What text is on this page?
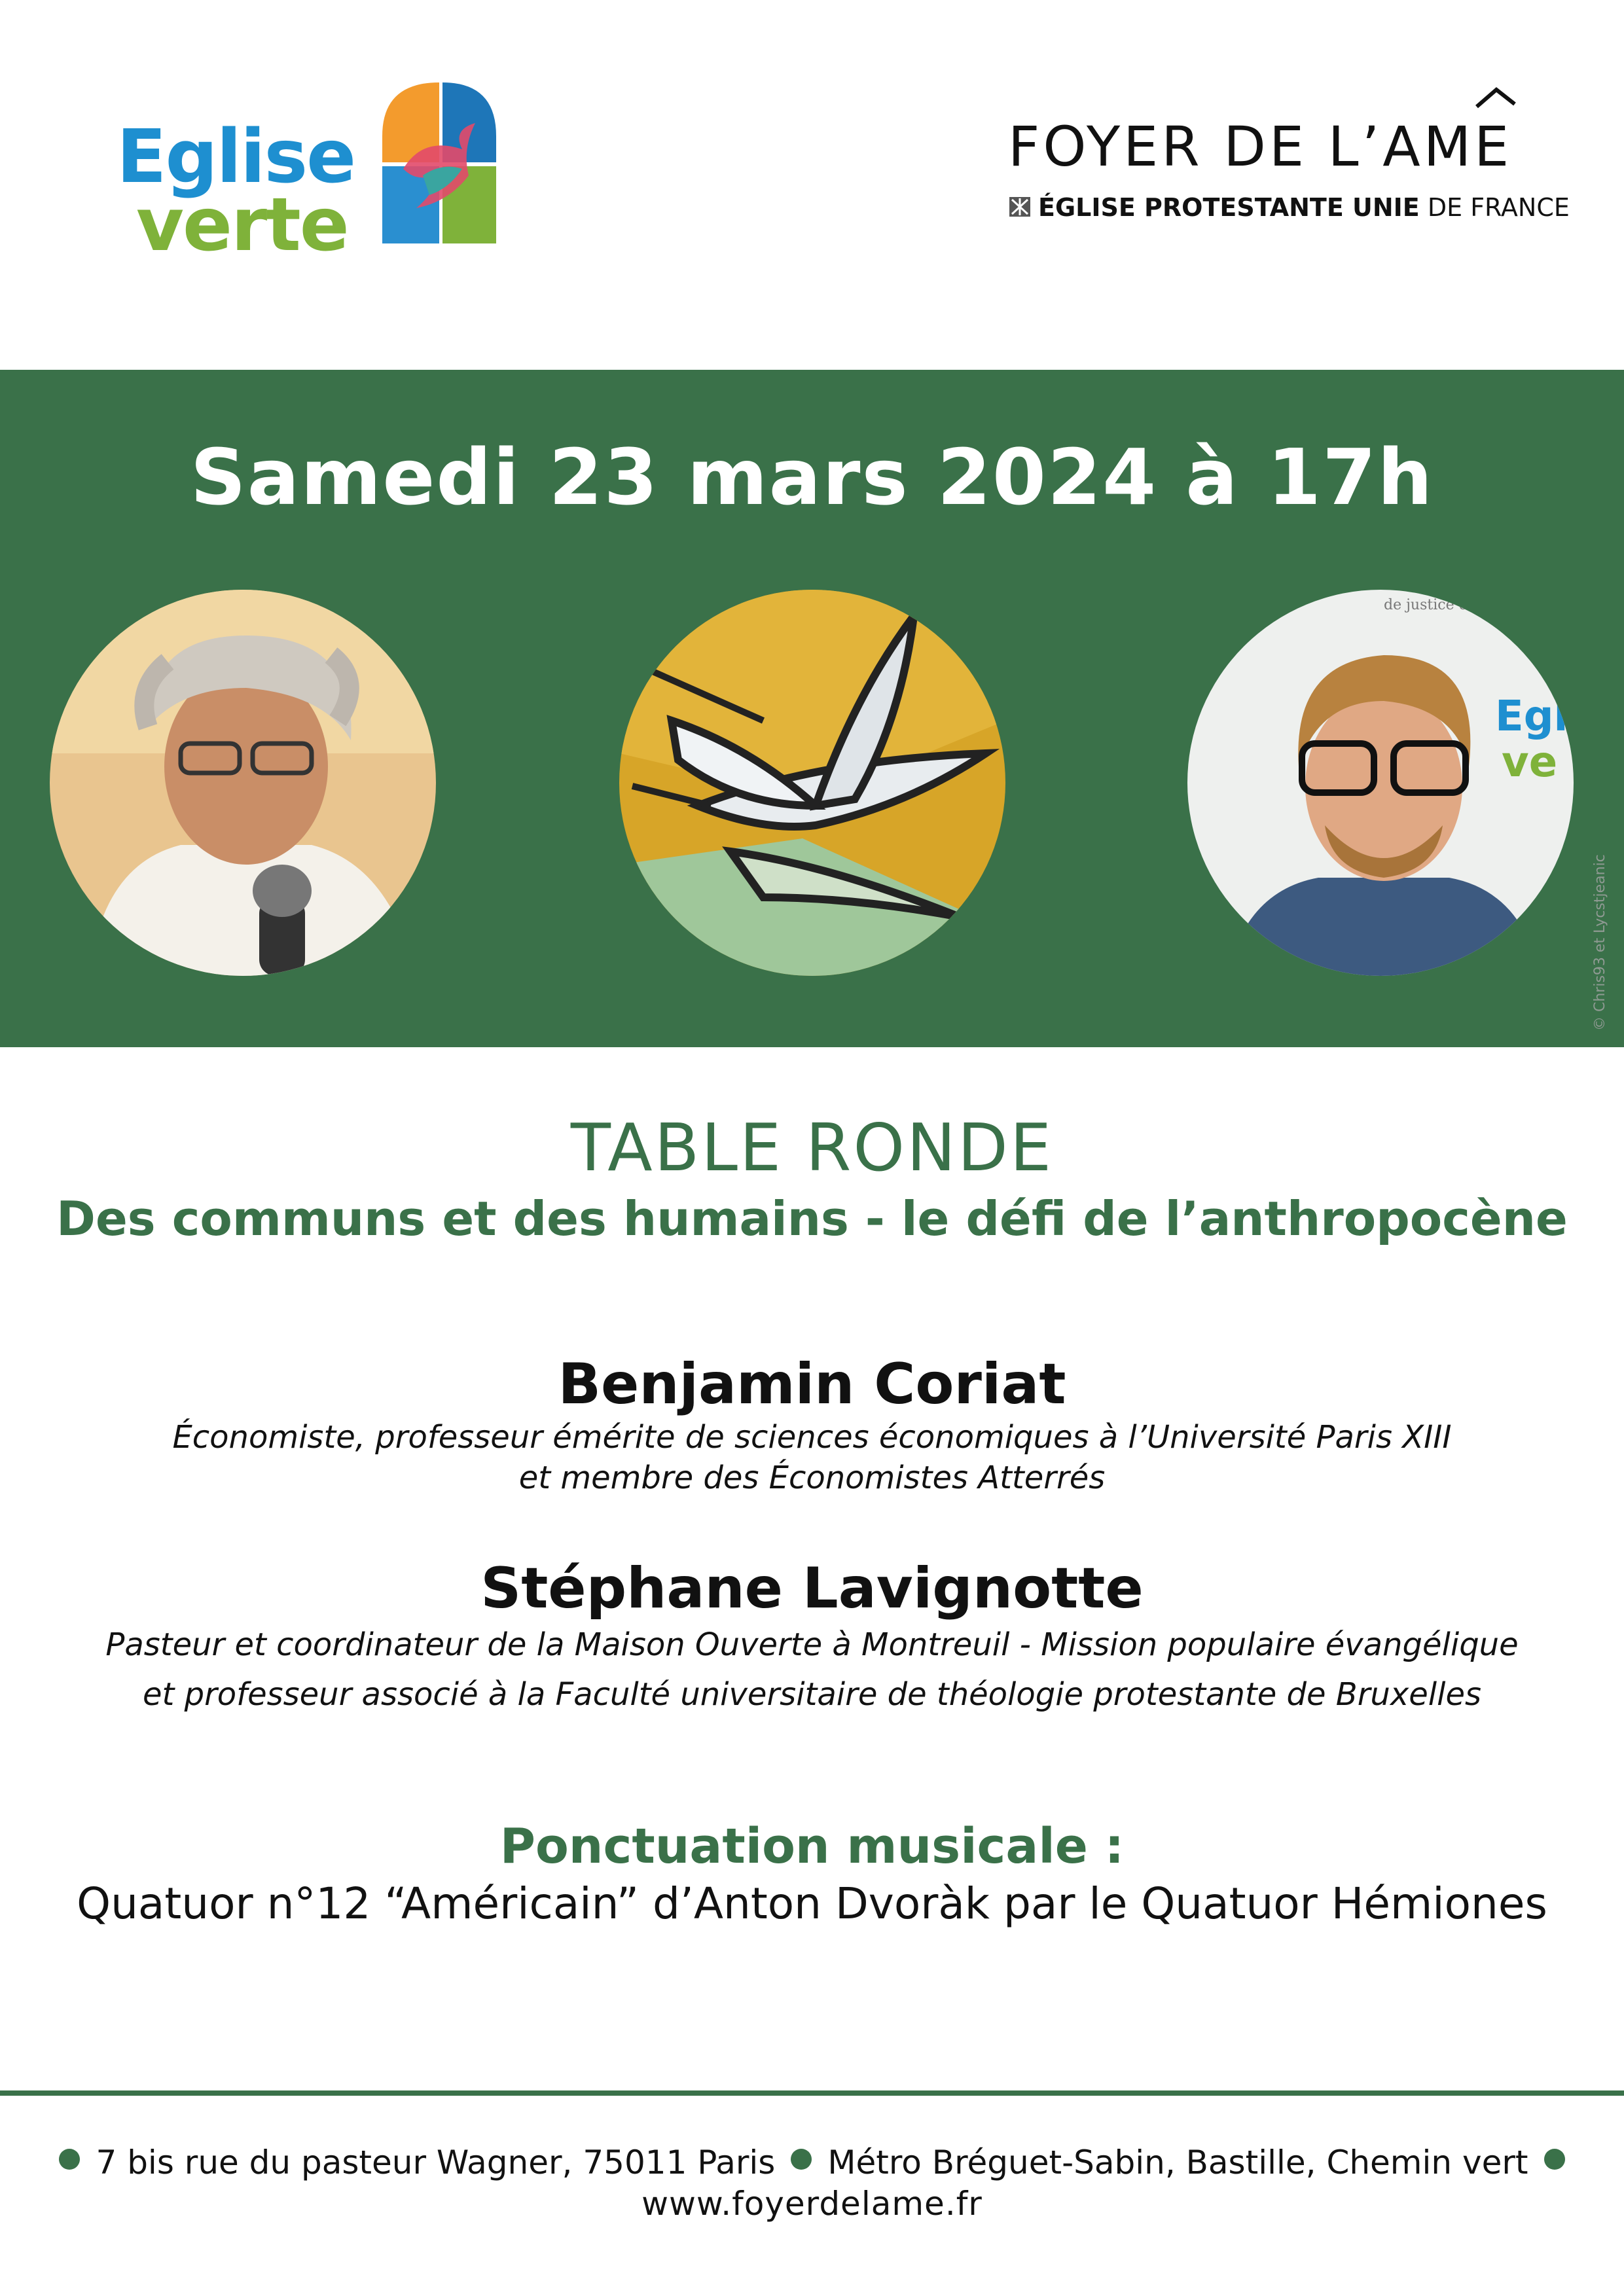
Eglise
verte
FOYER DE L’AME
ÉGLISE PROTESTANTE UNIE DE FRANCE
Samedi 23 mars 2024 à 17h
de justice et
Egl
ve
© Chris93 et Lycstjeanic
TABLE RONDE
Des communs et des humains - le défi de l’anthropocène
Benjamin Coriat
Économiste, professeur émérite de sciences économiques à l’Université Paris XIII
et membre des Économistes Atterrés
Stéphane Lavignotte
Pasteur et coordinateur de la Maison Ouverte à Montreuil - Mission populaire évangélique
et professeur associé à la Faculté universitaire de théologie protestante de Bruxelles
Ponctuation musicale :
Quatuor n°12 “Américain” d’Anton Dvoràk par le Quatuor Hémiones
7 bis rue du pasteur Wagner, 75011 Paris Métro Bréguet-Sabin, Bastille, Chemin vert
www.foyerdelame.fr
